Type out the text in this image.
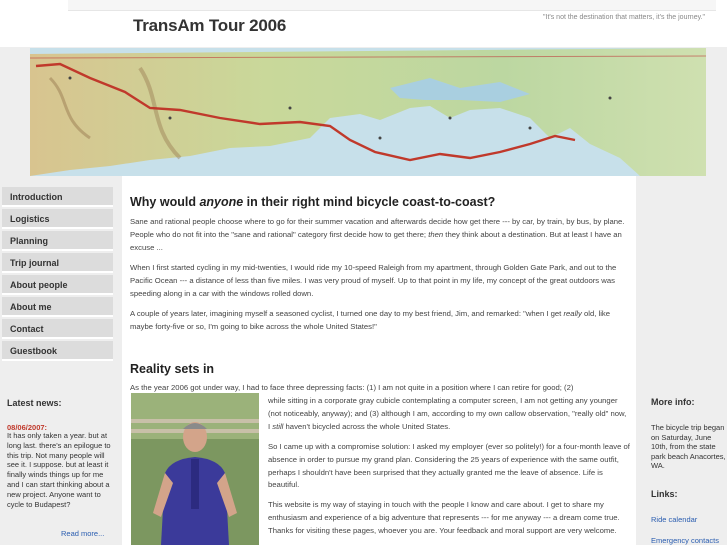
TransAm Tour 2006	"It's not the destination that matters, it's the journey."
Introduction
Logistics
Planning
Trip journal
About people
About me
Contact
Guestbook
Latest news:
08/06/2007:
It has only taken a year. but at long last. there's an epilogue to this trip. Not many people will see it. I suppose. but at least it finally winds things up for me and I can start thinking about a new project. Anyone want to cycle to Budapest?
Read more...
Why would anyone in their right mind bicycle coast-to-coast?
Sane and rational people choose where to go for their summer vacation and afterwards decide how get there --- by car, by train, by bus, by plane. People who do not fit into the "sane and rational" category first decide how to get there; then they think about a destination. But at least I have an excuse ...
When I first started cycling in my mid-twenties, I would ride my 10-speed Raleigh from my apartment, through Golden Gate Park, and out to the Pacific Ocean --- a distance of less than five miles. I was very proud of myself. Up to that point in my life, my concept of the great outdoors was speeding along in a car with the windows rolled down.
A couple of years later, imagining myself a seasoned cyclist, I turned one day to my best friend, Jim, and remarked: "when I get really old, like maybe forty-five or so, I'm going to bike across the whole United States!"
Reality sets in
As the year 2006 got under way, I had to face three depressing facts: (1) I am not quite in a position where I can retire for good; (2)
while sitting in a corporate gray cubicle contemplating a computer screen, I am not getting any younger (not noticeably, anyway); and (3) although I am, according to my own callow observation, "really old" now, I still haven't bicycled across the whole United States.
So I came up with a compromise solution: I asked my employer (ever so politely!) for a four-month leave of absence in order to pursue my grand plan. Considering the 25 years of experience with the same outfit, perhaps I shouldn't have been surprised that they actually granted me the leave of absence. Life is beautiful.
This website is my way of staying in touch with the people I know and care about. I get to share my enthusiasm and experience of a big adventure that represents --- for me anyway --- a dream come true. Thanks for visiting these pages, whoever you are. Your feedback and moral support are very welcome.
More info:
The bicycle trip began on Saturday, June 10th, from the state park beach Anacortes, WA.
Links:
Ride calendar
Emergency contacts
